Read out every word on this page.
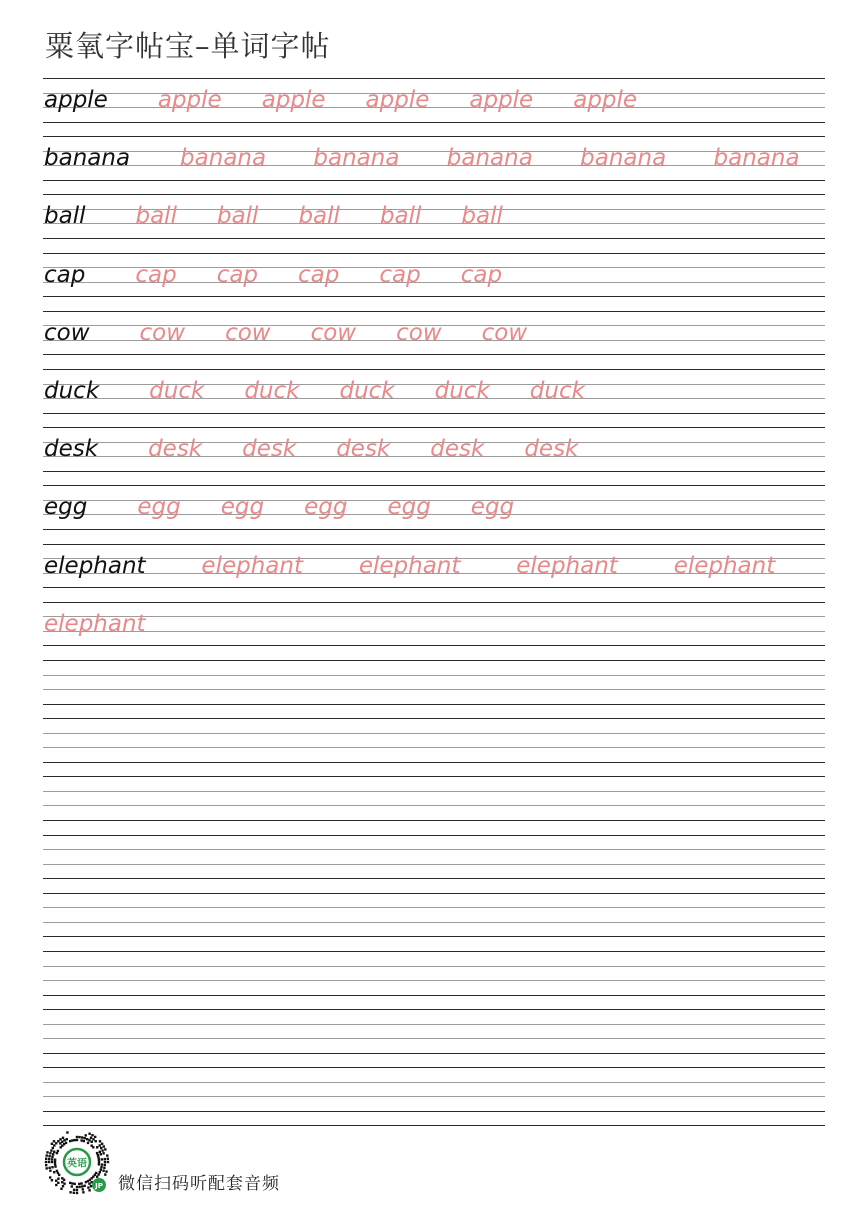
粟氧字帖宝–单词字帖
apple apple apple apple apple apple
banana banana banana banana banana banana
ball ball ball ball ball ball
cap cap cap cap cap cap
cow cow cow cow cow cow
duck duck duck duck duck duck
desk desk desk desk desk desk
egg egg egg egg egg egg
elephant elephant elephant elephant elephant
elephant
英语
JP 微信扫码听配套音频
